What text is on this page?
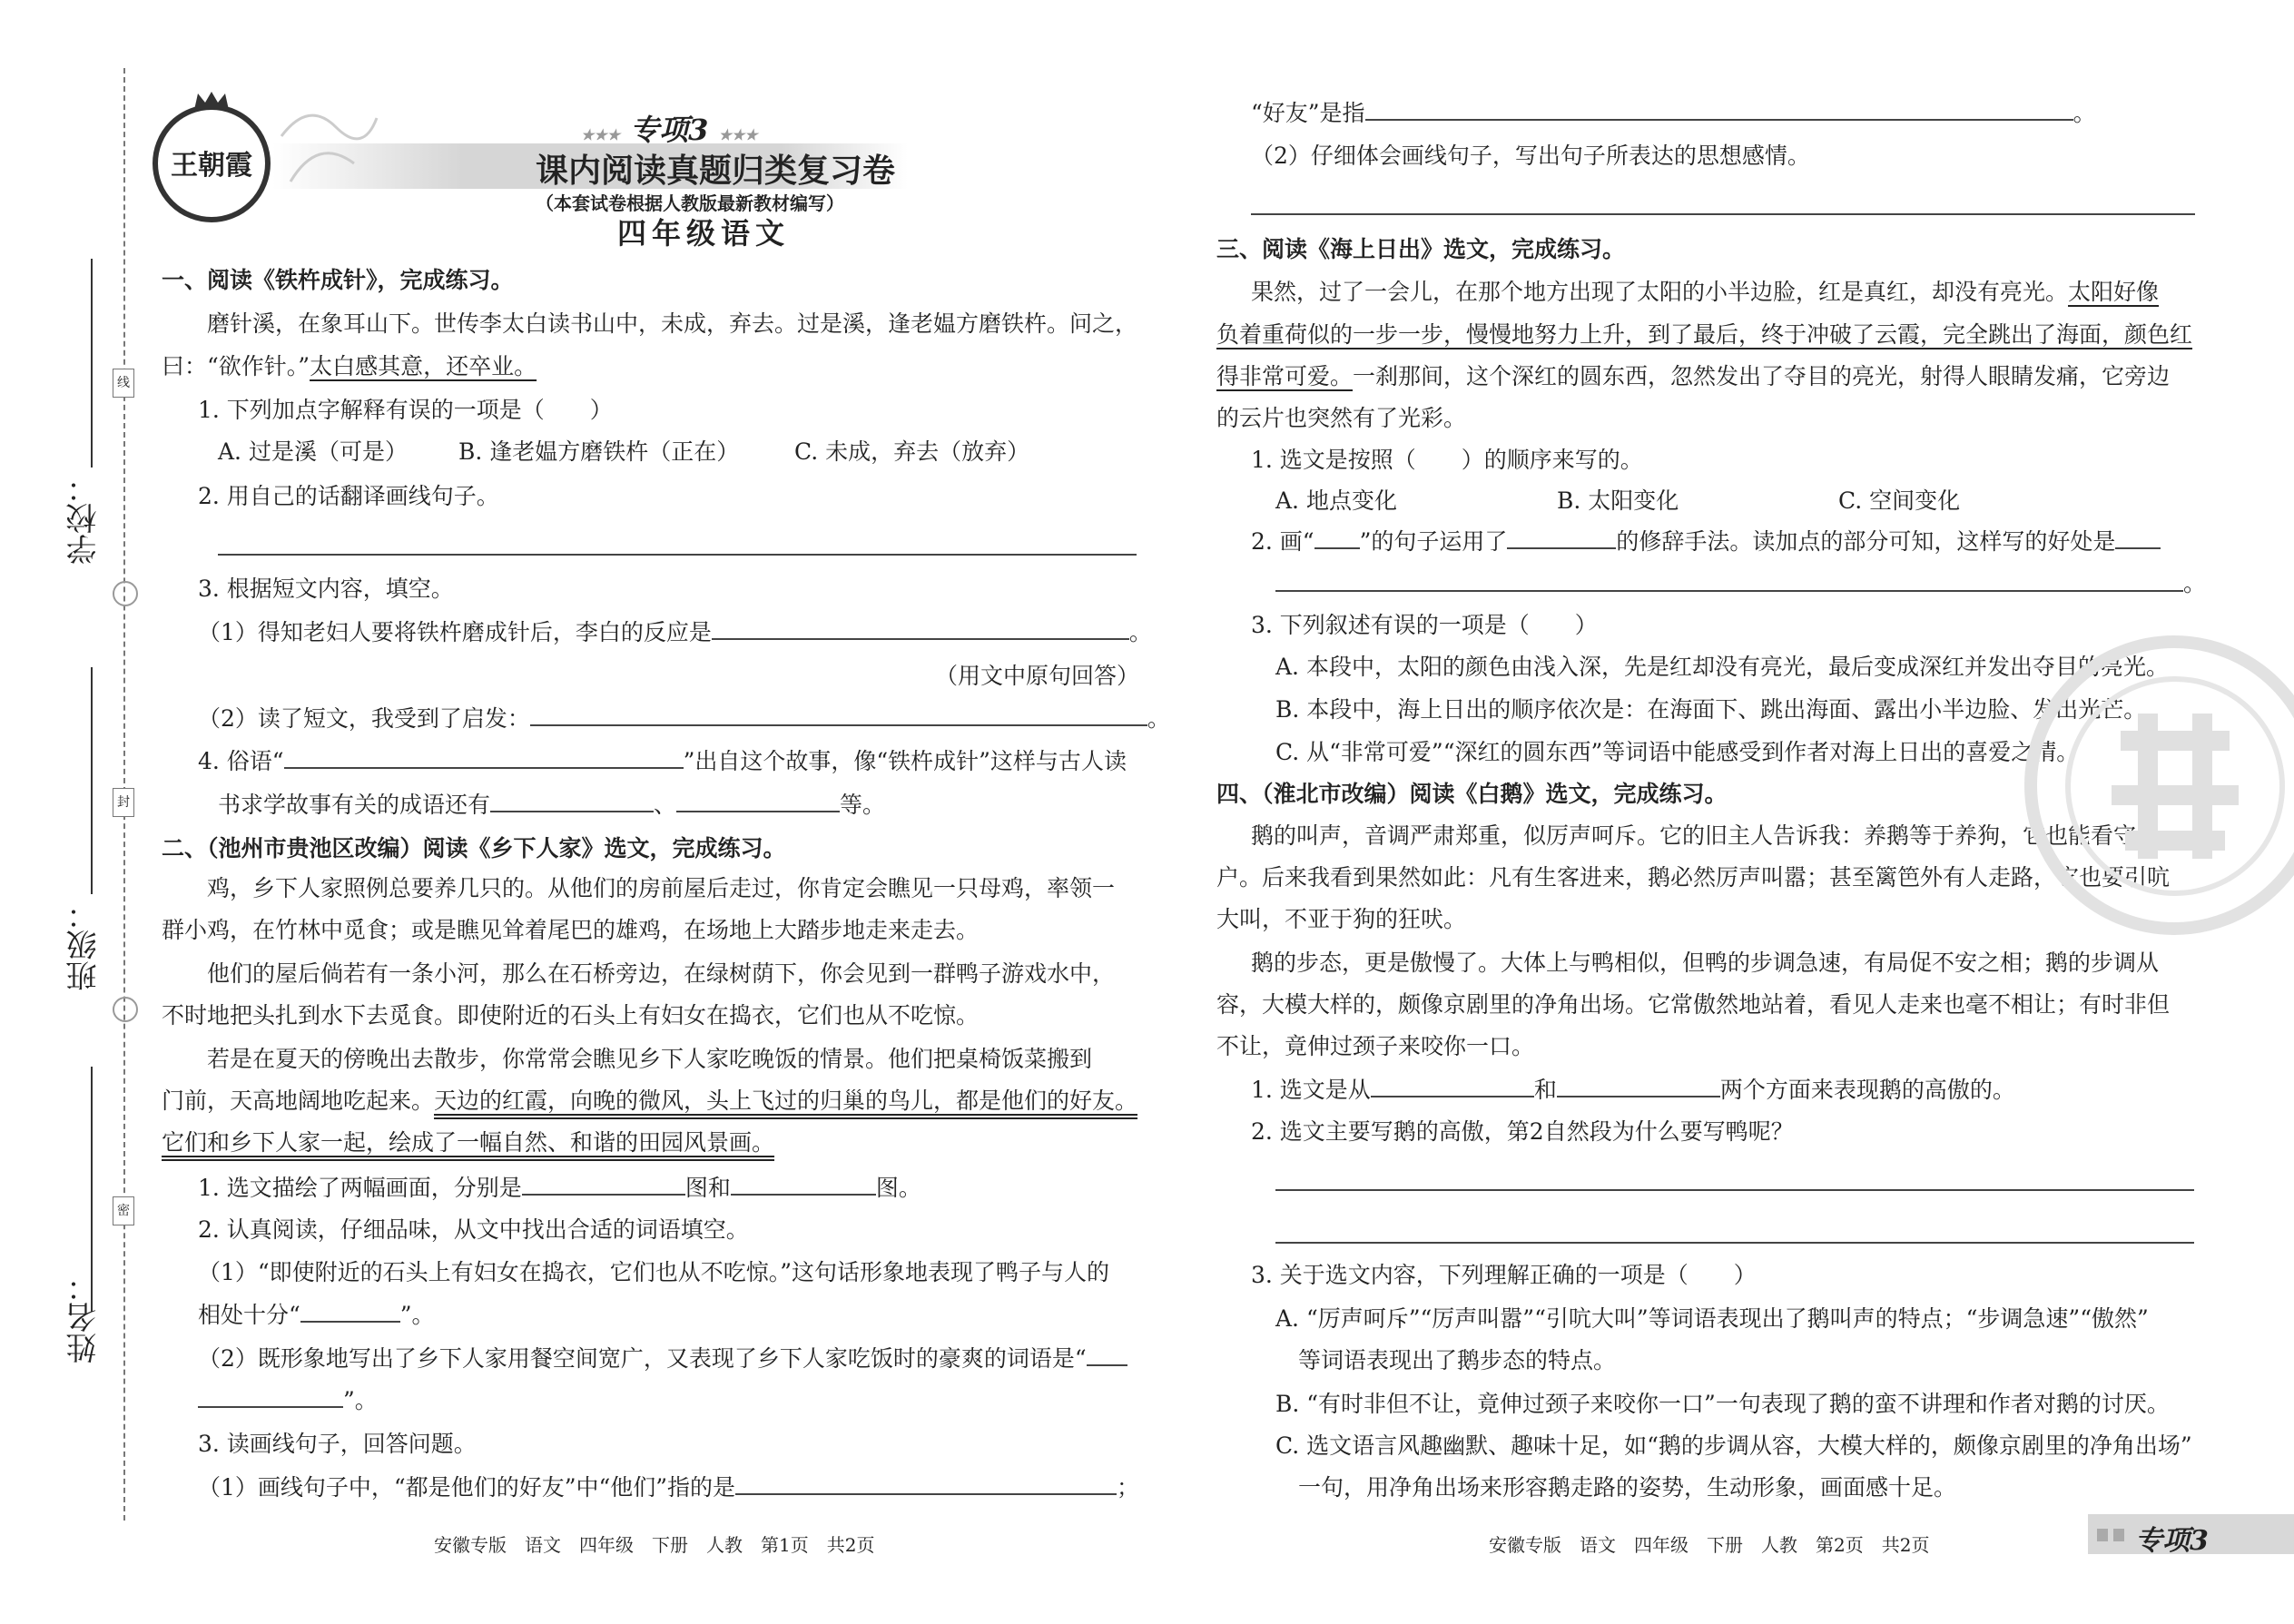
学校：
班级：
姓名：
线
封
密
王朝霞
★★★ 专项3 ★★★
课内阅读真题归类复习卷
（本套试卷根据人教版最新教材编写）
四年级语文
一、阅读《铁杵成针》，完成练习。
磨针溪，在象耳山下。世传李太白读书山中，未成，弃去。过是溪，逢老媪方磨铁杵。问之，
曰：“欲作针。”太白感其意，还卒业。
1. 下列加点字解释有误的一项是（　　）
A. 过是溪（可是） B. 逢老媪方磨铁杵（正在） C. 未成，弃去（放弃）
2. 用自己的话翻译画线句子。
3. 根据短文内容，填空。
（1）得知老妇人要将铁杵磨成针后，李白的反应是	。
（用文中原句回答）
（2）读了短文，我受到了启发：	。
4. 俗语“	”出自这个故事，像“铁杵成针”这样与古人读
书求学故事有关的成语还有	、	等。
二、（池州市贵池区改编）阅读《乡下人家》选文，完成练习。
鸡，乡下人家照例总要养几只的。从他们的房前屋后走过，你肯定会瞧见一只母鸡，率领一
群小鸡，在竹林中觅食；或是瞧见耸着尾巴的雄鸡，在场地上大踏步地走来走去。
他们的屋后倘若有一条小河，那么在石桥旁边，在绿树荫下，你会见到一群鸭子游戏水中，
不时地把头扎到水下去觅食。即使附近的石头上有妇女在捣衣，它们也从不吃惊。
若是在夏天的傍晚出去散步，你常常会瞧见乡下人家吃晚饭的情景。他们把桌椅饭菜搬到
门前，天高地阔地吃起来。天边的红霞，向晚的微风，头上飞过的归巢的鸟儿，都是他们的好友。
它们和乡下人家一起，绘成了一幅自然、和谐的田园风景画。
1. 选文描绘了两幅画面，分别是	图和	图。
2. 认真阅读，仔细品味，从文中找出合适的词语填空。
（1）“即使附近的石头上有妇女在捣衣，它们也从不吃惊。”这句话形象地表现了鸭子与人的
相处十分“	”。
（2）既形象地写出了乡下人家用餐空间宽广，又表现了乡下人家吃饭时的豪爽的词语是“
”。
3. 读画线句子，回答问题。
（1）画线句子中，“都是他们的好友”中“他们”指的是	；
“好友”是指	。
（2）仔细体会画线句子，写出句子所表达的思想感情。
三、阅读《海上日出》选文，完成练习。
果然，过了一会儿，在那个地方出现了太阳的小半边脸，红是真红，却没有亮光。太阳好像
负着重荷似的一步一步，慢慢地努力上升，到了最后，终于冲破了云霞，完全跳出了海面，颜色红
得非常可爱。一刹那间，这个深红的圆东西，忽然发出了夺目的亮光，射得人眼睛发痛，它旁边
的云片也突然有了光彩。
1. 选文是按照（　　）的顺序来写的。
A. 地点变化	B. 太阳变化	C. 空间变化
2. 画“ ”的句子运用了	的修辞手法。读加点的部分可知，这样写的好处是
。
3. 下列叙述有误的一项是（　　）
A. 本段中，太阳的颜色由浅入深，先是红却没有亮光，最后变成深红并发出夺目的亮光。
B. 本段中，海上日出的顺序依次是：在海面下、跳出海面、露出小半边脸、发出光芒。
C. 从“非常可爱”“深红的圆东西”等词语中能感受到作者对海上日出的喜爱之情。
四、（淮北市改编）阅读《白鹅》选文，完成练习。
鹅的叫声，音调严肃郑重，似厉声呵斥。它的旧主人告诉我：养鹅等于养狗，它也能看守门
户。后来我看到果然如此：凡有生客进来，鹅必然厉声叫嚣；甚至篱笆外有人走路，它也要引吭
大叫，不亚于狗的狂吠。
鹅的步态，更是傲慢了。大体上与鸭相似，但鸭的步调急速，有局促不安之相；鹅的步调从
容，大模大样的，颇像京剧里的净角出场。它常傲然地站着，看见人走来也毫不相让；有时非但
不让，竟伸过颈子来咬你一口。
1. 选文是从	和	两个方面来表现鹅的高傲的。
2. 选文主要写鹅的高傲，第2自然段为什么要写鸭呢？
3. 关于选文内容，下列理解正确的一项是（　　）
A. “厉声呵斥”“厉声叫嚣”“引吭大叫”等词语表现出了鹅叫声的特点；“步调急速”“傲然”
等词语表现出了鹅步态的特点。
B. “有时非但不让，竟伸过颈子来咬你一口”一句表现了鹅的蛮不讲理和作者对鹅的讨厌。
C. 选文语言风趣幽默、趣味十足，如“鹅的步调从容，大模大样的，颇像京剧里的净角出场”
一句，用净角出场来形容鹅走路的姿势，生动形象，画面感十足。
安徽专版　语文　四年级　下册　人教　第1页　共2页	安徽专版　语文　四年级　下册　人教　第2页　共2页	专项3
